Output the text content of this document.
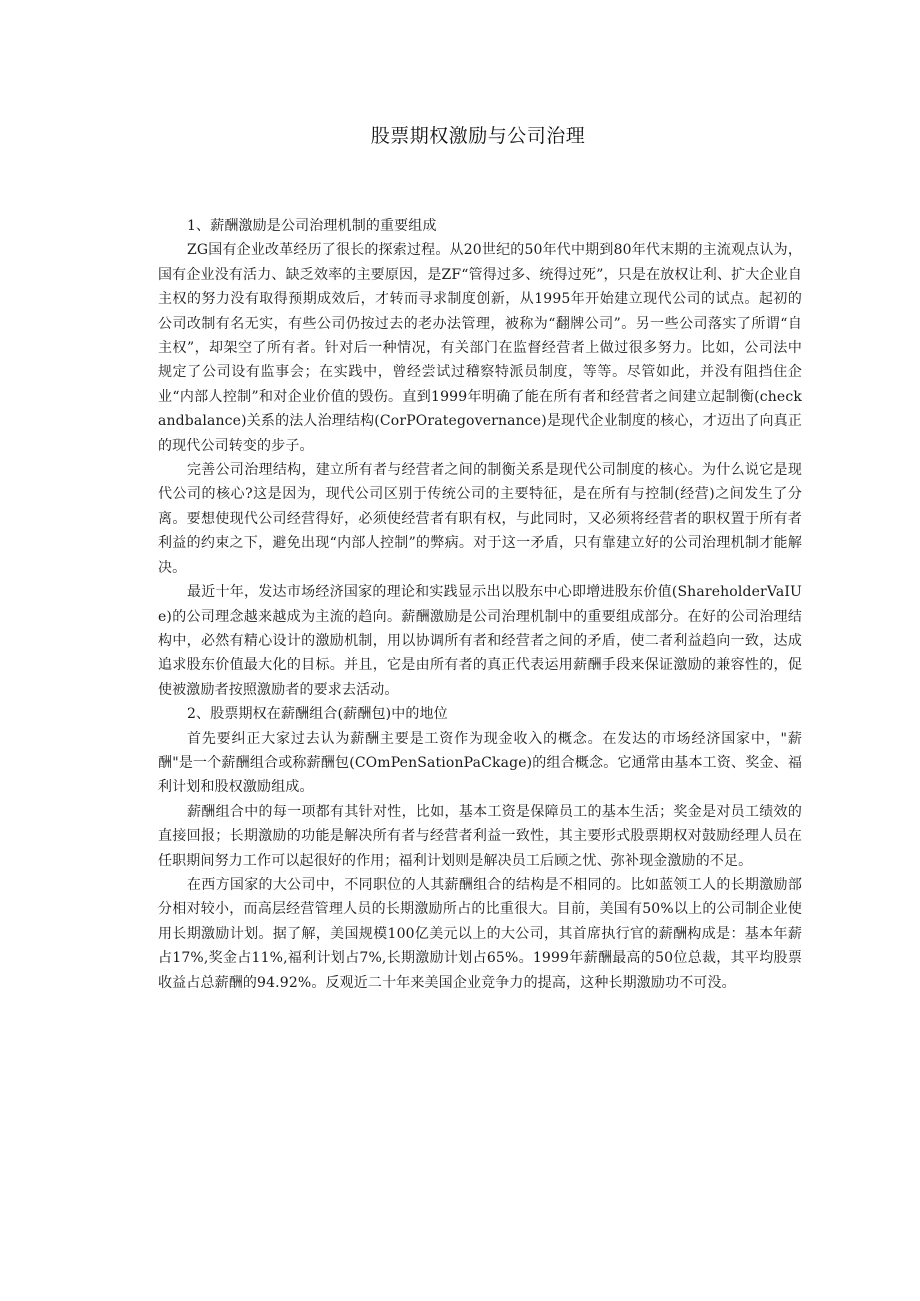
股票期权激励与公司治理

1、薪酬激励是公司治理机制的重要组成

ZG国有企业改革经历了很长的探索过程。从20世纪的50年代中期到80年代末期的主流观点认为，国有企业没有活力、缺乏效率的主要原因，是ZF“管得过多、统得过死”，只是在放权让利、扩大企业自主权的努力没有取得预期成效后，才转而寻求制度创新，从1995年开始建立现代公司的试点。起初的公司改制有名无实，有些公司仍按过去的老办法管理，被称为“翻牌公司”。另一些公司落实了所谓“自主权”，却架空了所有者。针对后一种情况，有关部门在监督经营者上做过很多努力。比如，公司法中规定了公司设有监事会；在实践中，曾经尝试过稽察特派员制度，等等。尽管如此，并没有阻挡住企业“内部人控制”和对企业价值的毁伤。直到1999年明确了能在所有者和经营者之间建立起制衡(checkandbalance)关系的法人治理结构(CorPOrategovernance)是现代企业制度的核心，才迈出了向真正的现代公司转变的步子。

完善公司治理结构，建立所有者与经营者之间的制衡关系是现代公司制度的核心。为什么说它是现代公司的核心?这是因为，现代公司区别于传统公司的主要特征，是在所有与控制(经营)之间发生了分离。要想使现代公司经营得好，必须使经营者有职有权，与此同时，又必须将经营者的职权置于所有者利益的约束之下，避免出现“内部人控制”的弊病。对于这一矛盾，只有靠建立好的公司治理机制才能解决。

最近十年，发达市场经济国家的理论和实践显示出以股东中心即增进股东价值(ShareholderVaIUe)的公司理念越来越成为主流的趋向。薪酬激励是公司治理机制中的重要组成部分。在好的公司治理结构中，必然有精心设计的激励机制，用以协调所有者和经营者之间的矛盾，使二者利益趋向一致，达成追求股东价值最大化的目标。并且，它是由所有者的真正代表运用薪酬手段来保证激励的兼容性的，促使被激励者按照激励者的要求去活动。

2、股票期权在薪酬组合(薪酬包)中的地位

首先要纠正大家过去认为薪酬主要是工资作为现金收入的概念。在发达的市场经济国家中，"薪酬"是一个薪酬组合或称薪酬包(COmPenSationPaCkage)的组合概念。它通常由基本工资、奖金、福利计划和股权激励组成。

薪酬组合中的每一项都有其针对性，比如，基本工资是保障员工的基本生活；奖金是对员工绩效的直接回报；长期激励的功能是解决所有者与经营者利益一致性，其主要形式股票期权对鼓励经理人员在任职期间努力工作可以起很好的作用；福利计划则是解决员工后顾之忧、弥补现金激励的不足。

在西方国家的大公司中，不同职位的人其薪酬组合的结构是不相同的。比如蓝领工人的长期激励部分相对较小，而高层经营管理人员的长期激励所占的比重很大。目前，美国有50%以上的公司制企业使用长期激励计划。据了解，美国规模100亿美元以上的大公司，其首席执行官的薪酬构成是：基本年薪占17%,奖金占11%,福利计划占7%,长期激励计划占65%。1999年薪酬最高的50位总裁，其平均股票收益占总薪酬的94.92%。反观近二十年来美国企业竞争力的提高，这种长期激励功不可没。
